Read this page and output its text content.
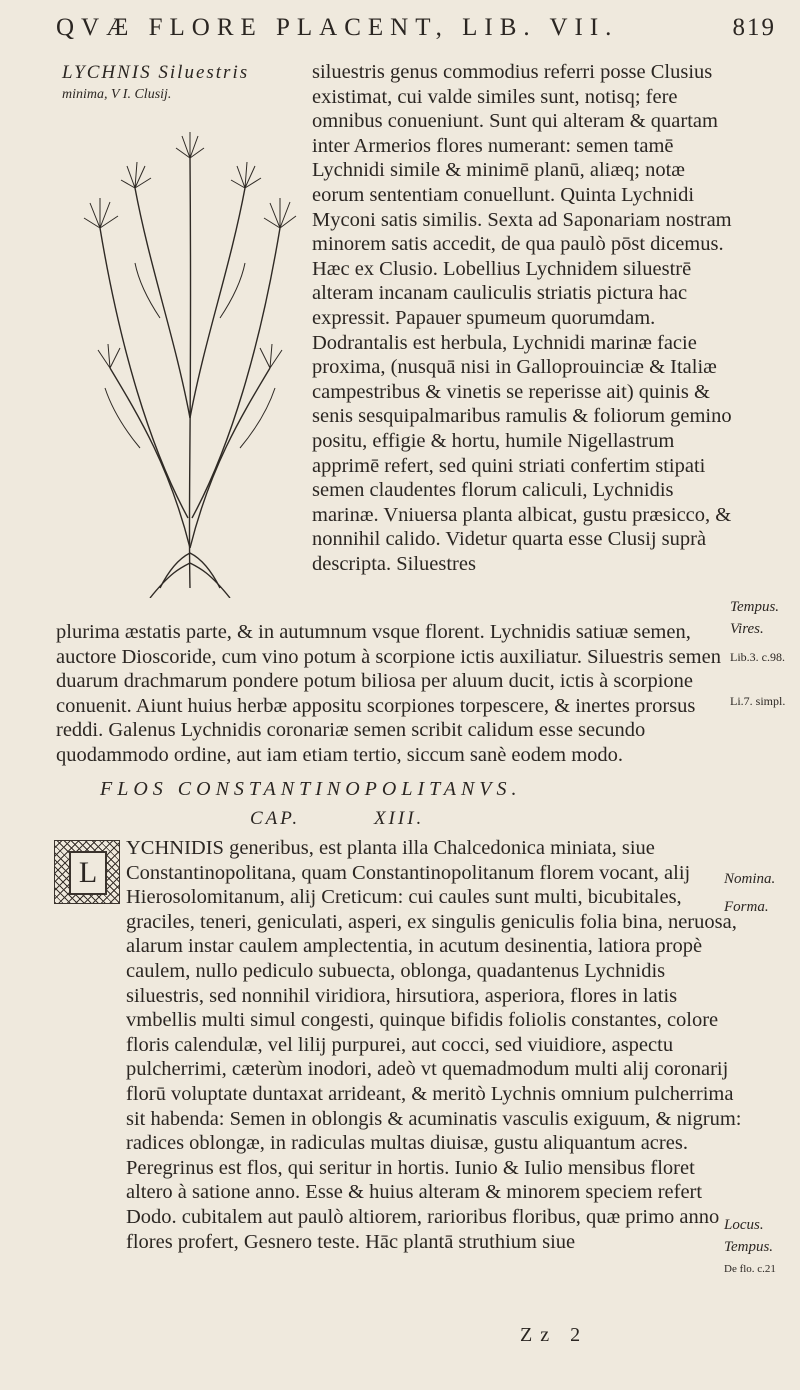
QVÆ FLORE PLACENT, LIB. VII.	819
LYCHNIS Siluestris
minima, V I. Clusij.

siluestris genus commodius referri posse Clusius existimat, cui valde similes sunt, notisq; fere omnibus conueniunt. Sunt qui alteram & quartam inter Armerios flores numerant: semen tamē Lychnidi simile & minimē planū, aliæq; notæ eorum sententiam conuellunt. Quinta Lychnidi Myconi satis similis. Sexta ad Saponariam nostram minorem satis accedit, de qua paulò pōst dicemus. Hæc ex Clusio. Lobellius Lychnidem siluestrē alteram incanam cauliculis striatis pictura hac expressit. Papauer spumeum quorumdam. Dodrantalis est herbula, Lychnidi marinæ facie proxima, (nusquā nisi in Galloprouinciæ & Italiæ campestribus & vinetis se reperisse ait) quinis & senis sesquipalmaribus ramulis & foliorum gemino positu, effigie & hortu, humile Nigellastrum apprimē refert, sed quini striati confertim stipati semen claudentes florum caliculi, Lychnidis marinæ. Vniuersa planta albicat, gustu præsicco, & nonnihil calido. Videtur quarta esse Clusij suprà descripta. Siluestres

plurima æstatis parte, & in autumnum vsque florent. Lychnidis satiuæ semen, auctore Dioscoride, cum vino potum à scorpione ictis auxiliatur. Siluestris semen duarum drachmarum pondere potum biliosa per aluum ducit, ictis à scorpione conuenit. Aiunt huius herbæ appositu scorpiones torpescere, & inertes prorsus reddi. Galenus Lychnidis coronariæ semen scribit calidum esse secundo quodammodo ordine, aut iam etiam tertio, siccum sanè eodem modo.

Tempus.
Vires.
Lib.3. c.98.
Li.7. simpl.
FLOS CONSTANTINOPOLITANVS.
CAP.	XIII.
L
YCHNIDIS generibus, est planta illa Chalcedonica miniata, siue Constantinopolitana, quam Constantinopolitanum florem vocant, alij Hierosolomitanum, alij Creticum: cui caules sunt multi, bicubitales, graciles, teneri, geniculati, asperi, ex singulis geniculis folia bina, neruosa, alarum instar caulem amplectentia, in acutum desinentia, latiora propè caulem, nullo pediculo subuecta, oblonga, quadantenus Lychnidis siluestris, sed nonnihil viridiora, hirsutiora, asperiora, flores in latis vmbellis multi simul congesti, quinque bifidis foliolis constantes, colore floris calendulæ, vel lilij purpurei, aut cocci, sed viuidiore, aspectu pulcherrimi, cæterùm inodori, adeò vt quemadmodum multi alij coronarij florū voluptate duntaxat arrideant, & meritò Lychnis omnium pulcherrima sit habenda: Semen in oblongis & acuminatis vasculis exiguum, & nigrum: radices oblongæ, in radiculas multas diuisæ, gustu aliquantum acres. Peregrinus est flos, qui seritur in hortis. Iunio & Iulio mensibus floret altero à satione anno. Esse & huius alteram & minorem speciem refert Dodo. cubitalem aut paulò altiorem, rarioribus floribus, quæ primo anno flores profert, Gesnero teste. Hāc plantā struthium siue
Nomina.
Forma.
Locus.
Tempus.
De flo. c.21
Zz 2
